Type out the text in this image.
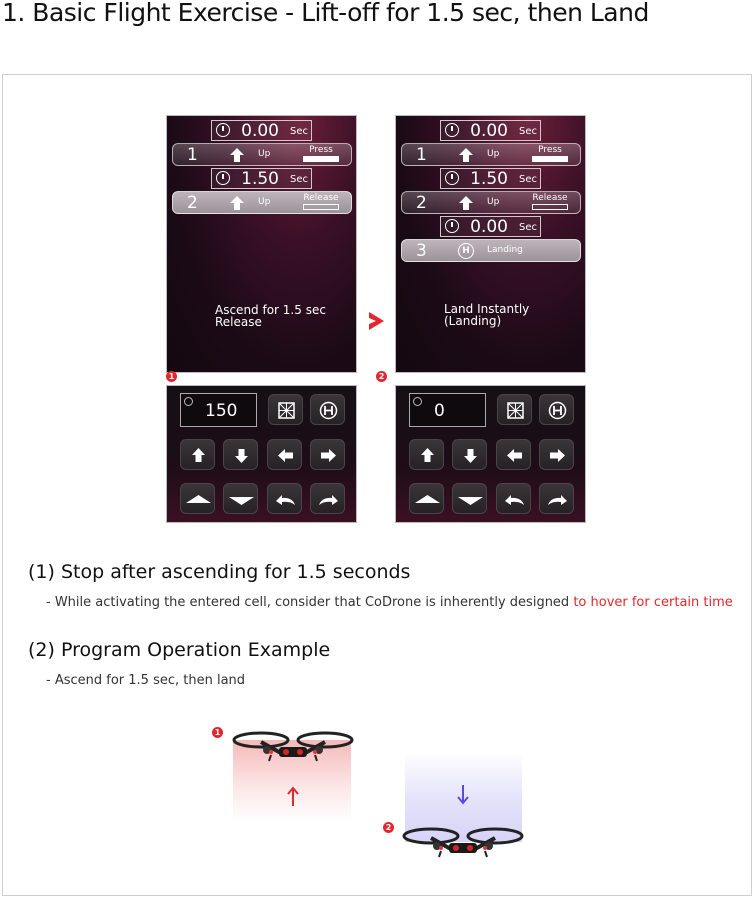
1. Basic Flight Exercise - Lift-off for 1.5 sec, then Land
0.00 Sec
1	Up	Press
1.50 Sec
2	Up	Release
Ascend for 1.5 sec
Release
1
150
0.00 Sec
1	Up	Press
1.50 Sec
2	Up	Release
0.00 Sec
3	H	Landing
Land Instantly
(Landing)
2
0
(1) Stop after ascending for 1.5 seconds
- While activating the entered cell, consider that CoDrone is inherently designed to hover for certain time
(2) Program Operation Example
- Ascend for 1.5 sec, then land
1
2
